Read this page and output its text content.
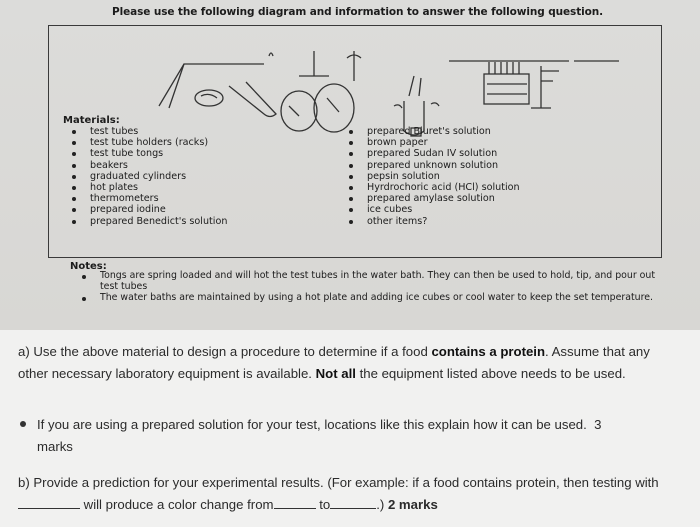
Please use the following diagram and information to answer the following question.
Materials:
test tubes
test tube holders (racks)
test tube tongs
beakers
graduated cylinders
hot plates
thermometers
prepared iodine
prepared Benedict's solution
prepared Biuret's solution
brown paper
prepared Sudan IV solution
prepared unknown solution
pepsin solution
Hyrdrochoric acid (HCl) solution
prepared amylase solution
ice cubes
other items?
Notes:
Tongs are spring loaded and will hot the test tubes in the water bath. They can then be used to hold, tip, and pour out test tubes
The water baths are maintained by using a hot plate and adding ice cubes or cool water to keep the set temperature.
a) Use the above material to design a procedure to determine if a food contains a protein. Assume that any other necessary laboratory equipment is available. Not all the equipment listed above needs to be used.
If you are using a prepared solution for your test, locations like this explain how it can be used. 3
marks
b) Provide a prediction for your experimental results. (For example: if a food contains protein, then testing with will produce a color change from	to	.) 2 marks
